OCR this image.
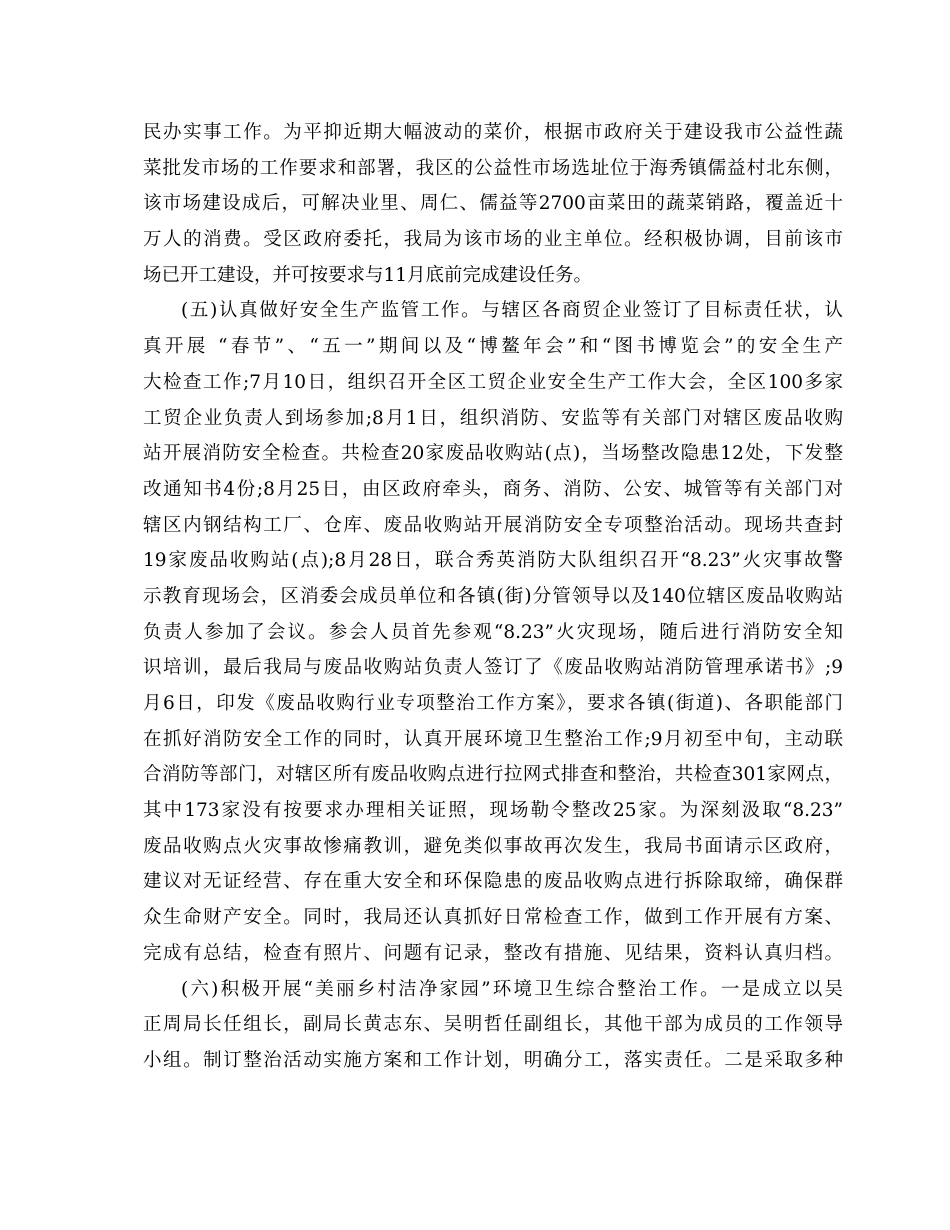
民办实事工作。为平抑近期大幅波动的菜价，根据市政府关于建设我市公益性蔬
菜批发市场的工作要求和部署，我区的公益性市场选址位于海秀镇儒益村北东侧，
该市场建设成后，可解决业里、周仁、儒益等2700亩菜田的蔬菜销路，覆盖近十
万人的消费。受区政府委托，我局为该市场的业主单位。经积极协调，目前该市
场已开工建设，并可按要求与11月底前完成建设任务。
(五)认真做好安全生产监管工作。与辖区各商贸企业签订了目标责任状，认
真开展 “春节”、“五一”期间以及“博鳌年会”和“图书博览会”的安全生产
大检查工作;7月10日，组织召开全区工贸企业安全生产工作大会，全区100多家
工贸企业负责人到场参加;8月1日，组织消防、安监等有关部门对辖区废品收购
站开展消防安全检查。共检查20家废品收购站(点)，当场整改隐患12处，下发整
改通知书4份;8月25日，由区政府牵头，商务、消防、公安、城管等有关部门对
辖区内钢结构工厂、仓库、废品收购站开展消防安全专项整治活动。现场共查封
19家废品收购站(点);8月28日，联合秀英消防大队组织召开“8.23”火灾事故警
示教育现场会，区消委会成员单位和各镇(街)分管领导以及140位辖区废品收购站
负责人参加了会议。参会人员首先参观“8.23”火灾现场，随后进行消防安全知
识培训，最后我局与废品收购站负责人签订了《废品收购站消防管理承诺书》;9
月6日，印发《废品收购行业专项整治工作方案》，要求各镇(街道)、各职能部门
在抓好消防安全工作的同时，认真开展环境卫生整治工作;9月初至中旬，主动联
合消防等部门，对辖区所有废品收购点进行拉网式排查和整治，共检查301家网点，
其中173家没有按要求办理相关证照，现场勒令整改25家。为深刻汲取“8.23”
废品收购点火灾事故惨痛教训，避免类似事故再次发生，我局书面请示区政府，
建议对无证经营、存在重大安全和环保隐患的废品收购点进行拆除取缔，确保群
众生命财产安全。同时，我局还认真抓好日常检查工作，做到工作开展有方案、
完成有总结，检查有照片、问题有记录，整改有措施、见结果，资料认真归档。
(六)积极开展“美丽乡村洁净家园”环境卫生综合整治工作。一是成立以吴
正周局长任组长，副局长黄志东、吴明哲任副组长，其他干部为成员的工作领导
小组。制订整治活动实施方案和工作计划，明确分工，落实责任。二是采取多种
